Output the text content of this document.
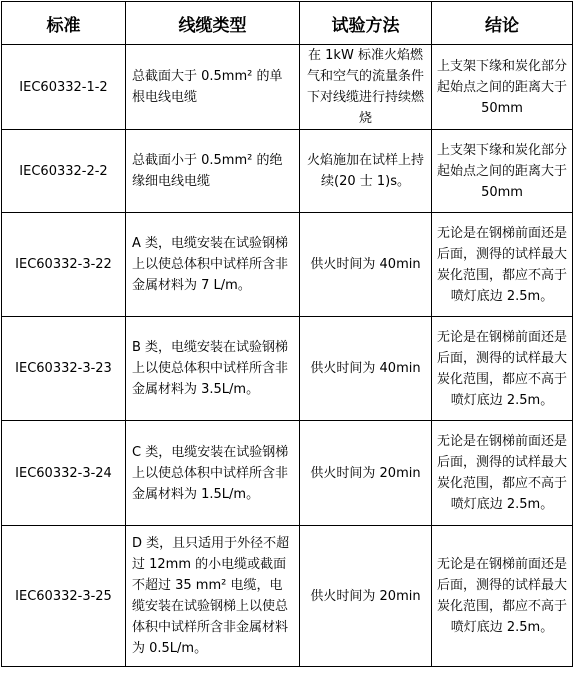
标准	线缆类型	试验方法	结论
IEC60332-1-2	总截面大于 0.5mm² 的单根电线电缆	在 1kW 标准火焰燃气和空气的流量条件下对线缆进行持续燃烧	上支架下缘和炭化部分起始点之间的距离大于 50mm
IEC60332-2-2	总截面小于 0.5mm² 的绝缘细电线电缆	火焰施加在试样上持续(20 士 1)s。	上支架下缘和炭化部分起始点之间的距离大于 50mm
IEC60332-3-22	A 类，电缆安装在试验钢梯上以使总体积中试样所含非金属材料为 7 L/m。	供火时间为 40min	无论是在钢梯前面还是后面，测得的试样最大炭化范围，都应不高于喷灯底边 2.5m。
IEC60332-3-23	B 类，电缆安装在试验钢梯上以使总体积中试样所含非金属材料为 3.5L/m。	供火时间为 40min	无论是在钢梯前面还是后面，测得的试样最大炭化范围，都应不高于喷灯底边 2.5m。
IEC60332-3-24	C 类，电缆安装在试验钢梯上以使总体积中试样所含非金属材料为 1.5L/m。	供火时间为 20min	无论是在钢梯前面还是后面，测得的试样最大炭化范围，都应不高于喷灯底边 2.5m。
IEC60332-3-25	D 类，且只适用于外径不超过 12mm 的小电缆或截面不超过 35 mm² 电缆，电缆安装在试验钢梯上以使总体积中试样所含非金属材料为 0.5L/m。	供火时间为 20min	无论是在钢梯前面还是后面，测得的试样最大炭化范围，都应不高于喷灯底边 2.5m。
